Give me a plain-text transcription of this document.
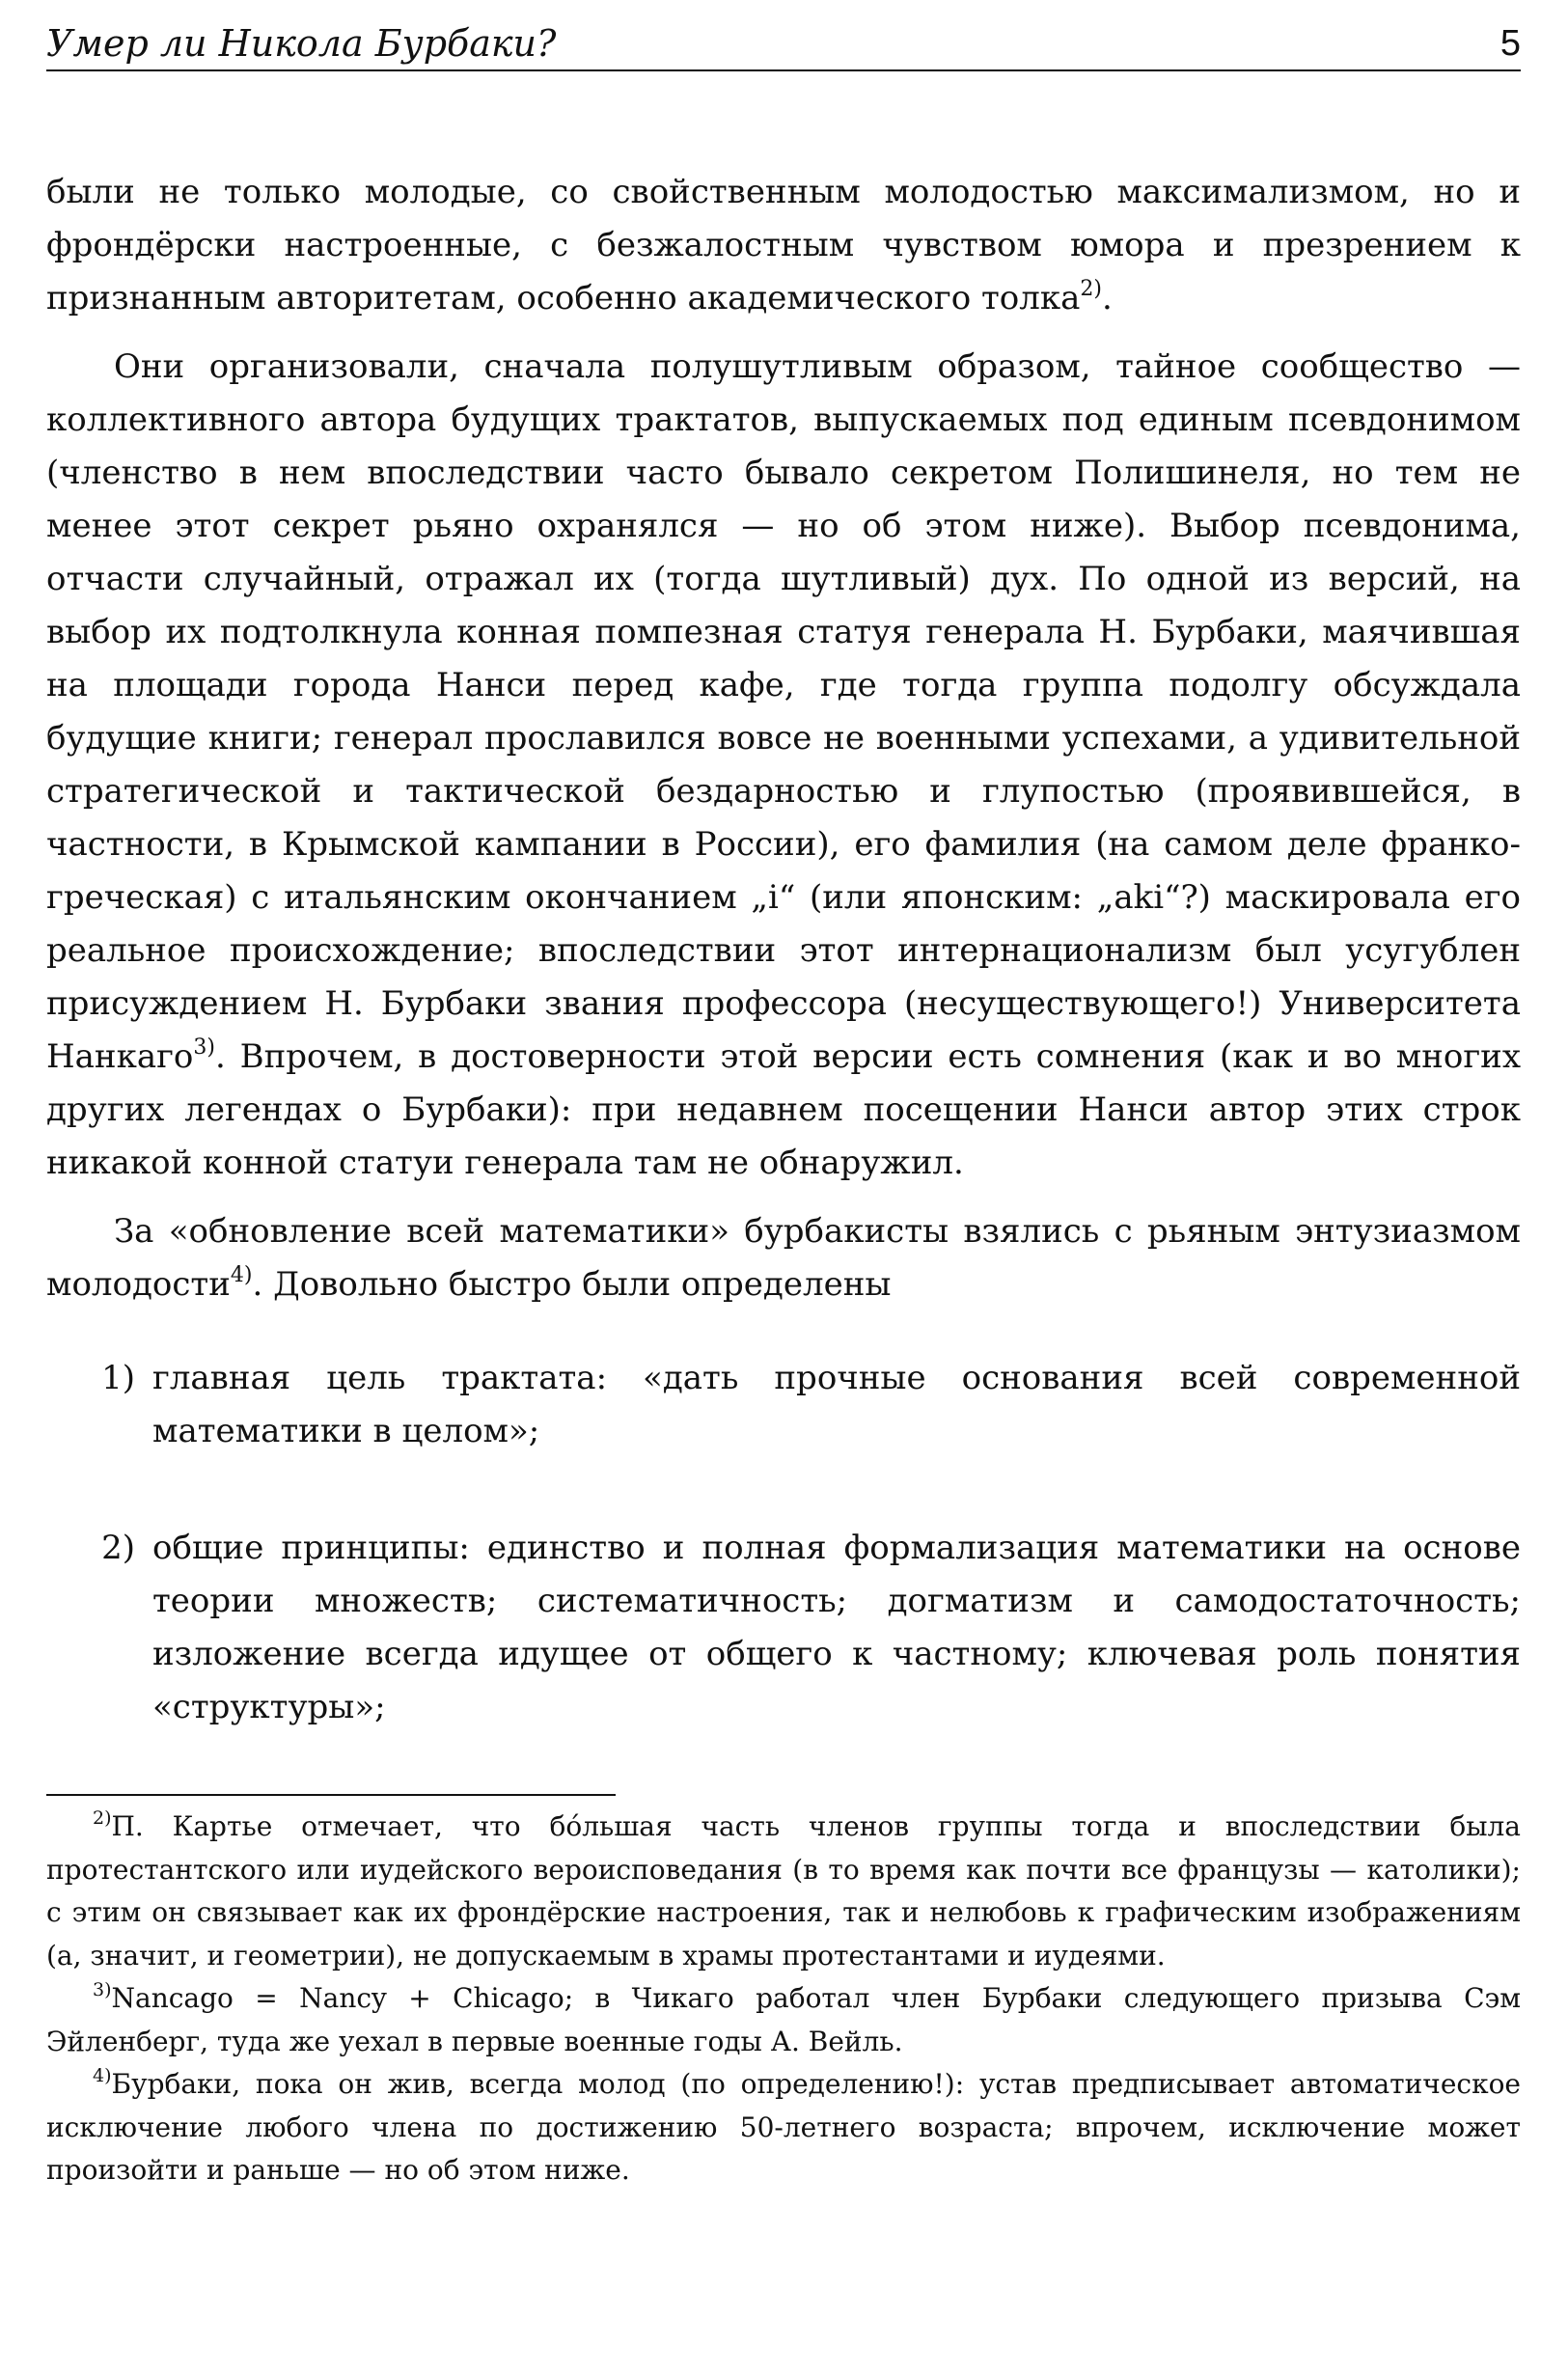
Умер ли Никола Бурбаки?	5

были не только молодые, со свойственным молодостью максимализмом, но и фрондёрски настроенные, с безжалостным чувством юмора и презрением к признанным авторитетам, особенно академического толка$^{2)}$.

Они организовали, сначала полушутливым образом, тайное сообщество — коллективного автора будущих трактатов, выпускаемых под единым псевдонимом (членство в нем впоследствии часто бывало секретом Полишинеля, но тем не менее этот секрет рьяно охранялся — но об этом ниже). Выбор псевдонима, отчасти случайный, отражал их (тогда шутливый) дух. По одной из версий, на выбор их подтолкнула конная помпезная статуя генерала Н. Бурбаки, маячившая на площади города Нанси перед кафе, где тогда группа подолгу обсуждала будущие книги; генерал прославился вовсе не военными успехами, а удивительной стратегической и тактической бездарностью и глупостью (проявившейся, в частности, в Крымской кампании в России), его фамилия (на самом деле франко-греческая) с итальянским окончанием „i“ (или японским: „aki“?) маскировала его реальное происхождение; впоследствии этот интернационализм был усугублен присуждением Н. Бурбаки звания профессора (несуществующего!) Университета Нанкаго$^{3)}$. Впрочем, в достоверности этой версии есть сомнения (как и во многих других легендах о Бурбаки): при недавнем посещении Нанси автор этих строк никакой конной статуи генерала там не обнаружил.

За «обновление всей математики» бурбакисты взялись с рьяным энтузиазмом молодости$^{4)}$. Довольно быстро были определены

1) главная цель трактата: «дать прочные основания всей современной математики в целом»;
2) общие принципы: единство и полная формализация математики на основе теории множеств; систематичность; догматизм и самодостаточность; изложение всегда идущее от общего к частному; ключевая роль понятия «структуры»;

$^{2)}$П. Картье отмечает, что бóльшая часть членов группы тогда и впоследствии была протестантского или иудейского вероисповедания (в то время как почти все французы — католики); с этим он связывает как их фрондёрские настроения, так и нелюбовь к графическим изображениям (а, значит, и геометрии), не допускаемым в храмы протестантами и иудеями.

$^{3)}$Nancago = Nancy + Chicago; в Чикаго работал член Бурбаки следующего призыва Сэм Эйленберг, туда же уехал в первые военные годы А. Вейль.

$^{4)}$Бурбаки, пока он жив, всегда молод (по определению!): устав предписывает автоматическое исключение любого члена по достижению 50-летнего возраста; впрочем, исключение может произойти и раньше — но об этом ниже.
